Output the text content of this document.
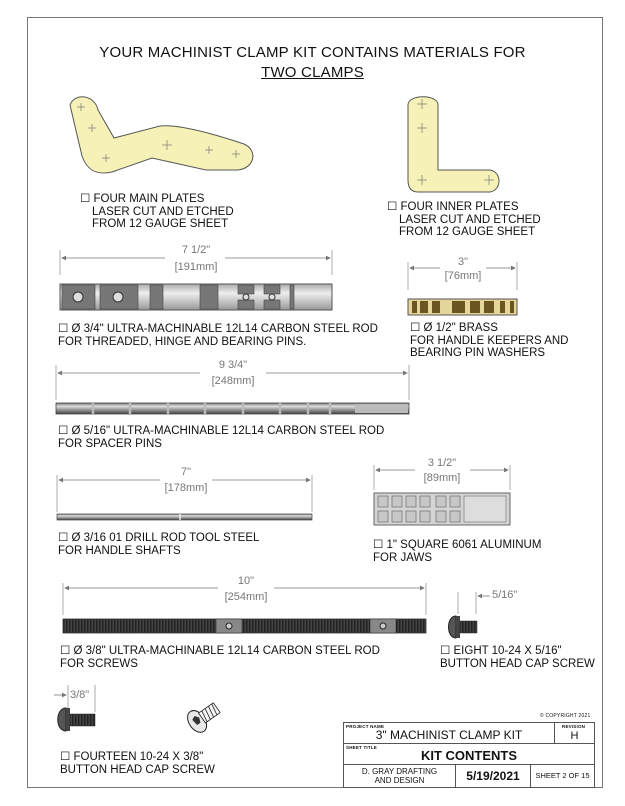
YOUR MACHINIST CLAMP KIT CONTAINS MATERIALS FOR
TWO CLAMPS
7 1/2"
[191mm]	3"
[76mm]
9 3/4"
[248mm]
7"
[178mm]
3 1/2"
[89mm]
10"
[254mm]	5/16"
3/8"
☐ FOUR MAIN PLATES
LASER CUT AND ETCHED
FROM 12 GAUGE SHEET
☐ FOUR INNER PLATES
LASER CUT AND ETCHED
FROM 12 GAUGE SHEET
☐ Ø 3/4" ULTRA-MACHINABLE 12L14 CARBON STEEL ROD
FOR THREADED, HINGE AND BEARING PINS.
☐ Ø 1/2" BRASS
FOR HANDLE KEEPERS AND
BEARING PIN WASHERS
☐ Ø 5/16" ULTRA-MACHINABLE 12L14 CARBON STEEL ROD
FOR SPACER PINS
☐ Ø 3/16 01 DRILL ROD TOOL STEEL
FOR HANDLE SHAFTS	☐ 1" SQUARE 6061 ALUMINUM
FOR JAWS
☐ Ø 3/8" ULTRA-MACHINABLE 12L14 CARBON STEEL ROD
FOR SCREWS
☐ EIGHT 10-24 X 5/16"
BUTTON HEAD CAP SCREW
☐ FOURTEEN 10-24 X 3/8"
BUTTON HEAD CAP SCREW
© COPYRIGHT 2021
PROJECT NAME
3" MACHINIST CLAMP KIT
REVISION
H
SHEET TITLE
KIT CONTENTS
D. GRAY DRAFTING
AND DESIGN	5/19/2021	SHEET 2 OF 15
